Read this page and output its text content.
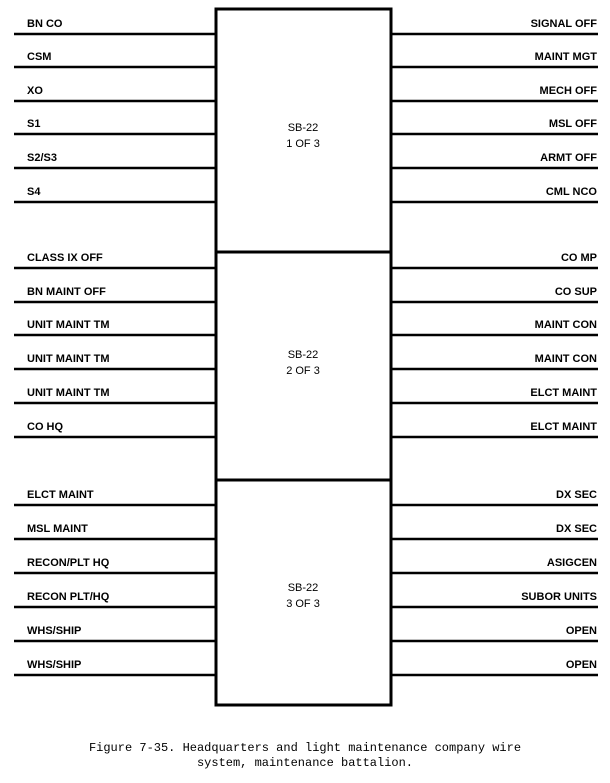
SB-22
1 OF 3
SB-22
2 OF 3
SB-22
3 OF 3
BN CO
CSM
XO
S1
S2/S3
S4
CLASS IX OFF
BN MAINT OFF
UNIT MAINT TM
UNIT MAINT TM
UNIT MAINT TM
CO HQ
ELCT MAINT
MSL MAINT
RECON/PLT HQ
RECON PLT/HQ
WHS/SHIP
WHS/SHIP
SIGNAL OFF
MAINT MGT
MECH OFF
MSL OFF
ARMT OFF
CML NCO
CO MP
CO SUP
MAINT CON
MAINT CON
ELCT MAINT
ELCT MAINT
DX SEC
DX SEC
ASIGCEN
SUBOR UNITS
OPEN
OPEN
Figure 7-35. Headquarters and light maintenance company wire
system, maintenance battalion.
